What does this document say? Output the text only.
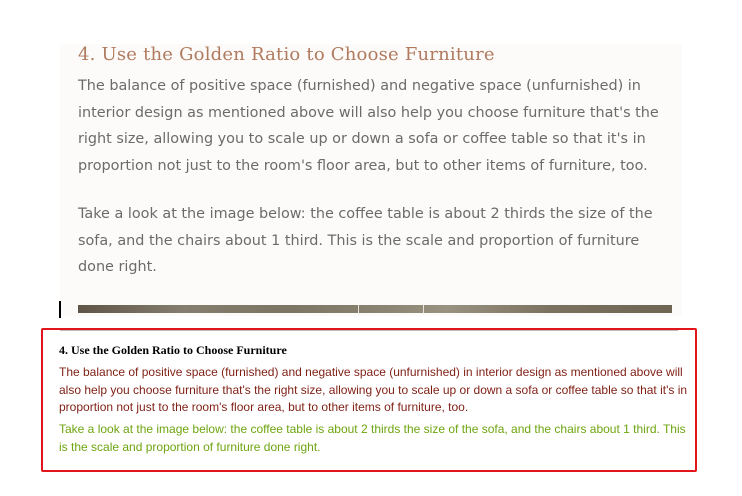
4. Use the Golden Ratio to Choose Furniture

The balance of positive space (furnished) and negative space (unfurnished) in interior design as mentioned above will also help you choose furniture that's the right size, allowing you to scale up or down a sofa or coffee table so that it's in proportion not just to the room's floor area, but to other items of furniture, too.

Take a look at the image below: the coffee table is about 2 thirds the size of the sofa, and the chairs about 1 third. This is the scale and proportion of furniture done right.

4. Use the Golden Ratio to Choose Furniture

The balance of positive space (furnished) and negative space (unfurnished) in interior design as mentioned above will also help you choose furniture that's the right size, allowing you to scale up or down a sofa or coffee table so that it's in proportion not just to the room's floor area, but to other items of furniture, too.

Take a look at the image below: the coffee table is about 2 thirds the size of the sofa, and the chairs about 1 third. This is the scale and proportion of furniture done right.
